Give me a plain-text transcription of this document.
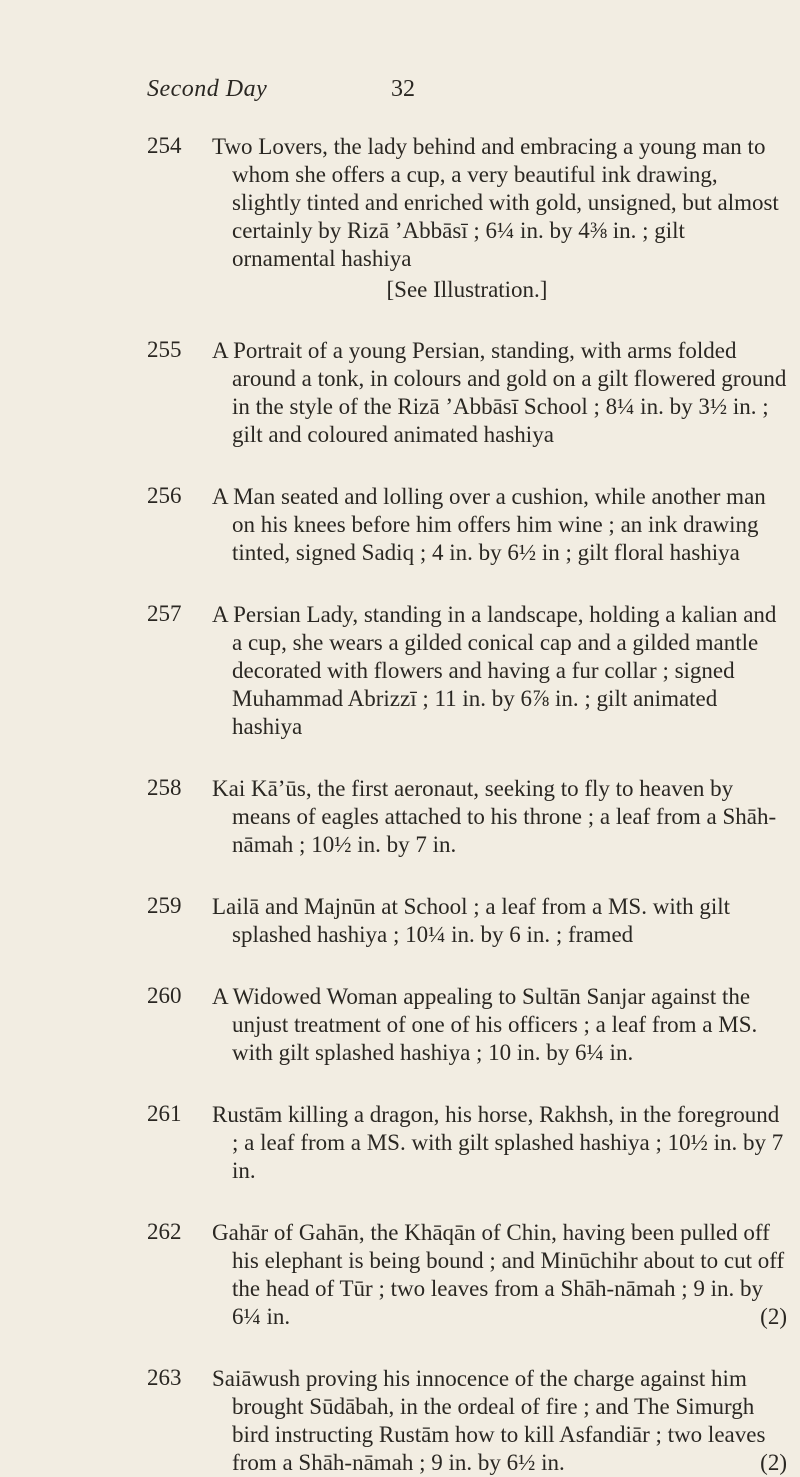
Second Day	32
254 Two Lovers, the lady behind and embracing a young man to whom she offers a cup, a very beautiful ink drawing, slightly tinted and enriched with gold, unsigned, but almost certainly by Rizā ’Abbāsī ; 6¼ in. by 4⅜ in. ; gilt ornamental hashiya
[See Illustration.]
255 A Portrait of a young Persian, standing, with arms folded around a tonk, in colours and gold on a gilt flowered ground in the style of the Rizā ’Abbāsī School ; 8¼ in. by 3½ in. ; gilt and coloured animated hashiya
256 A Man seated and lolling over a cushion, while another man on his knees before him offers him wine ; an ink drawing tinted, signed Sadiq ; 4 in. by 6½ in ; gilt floral hashiya
257 A Persian Lady, standing in a landscape, holding a kalian and a cup, she wears a gilded conical cap and a gilded mantle decorated with flowers and having a fur collar ; signed Muhammad Abrizzī ; 11 in. by 6⅞ in. ; gilt animated hashiya
258 Kai Kā’ūs, the first aeronaut, seeking to fly to heaven by means of eagles attached to his throne ; a leaf from a Shāh-nāmah ; 10½ in. by 7 in.
259 Lailā and Majnūn at School ; a leaf from a MS. with gilt splashed hashiya ; 10¼ in. by 6 in. ; framed
260 A Widowed Woman appealing to Sultān Sanjar against the unjust treatment of one of his officers ; a leaf from a MS. with gilt splashed hashiya ; 10 in. by 6¼ in.
261 Rustām killing a dragon, his horse, Rakhsh, in the foreground ; a leaf from a MS. with gilt splashed hashiya ; 10½ in. by 7 in.
262 Gahār of Gahān, the Khāqān of Chin, having been pulled off his elephant is being bound ; and Minūchihr about to cut off the head of Tūr ; two leaves from a Shāh-nāmah ; 9 in. by 6¼ in.	(2)
263 Saiāwush proving his innocence of the charge against him brought Sūdābah, in the ordeal of fire ; and The Simurgh bird instructing Rustām how to kill Asfandiār ; two leaves from a Shāh-nāmah ; 9 in. by 6½ in.	(2)
